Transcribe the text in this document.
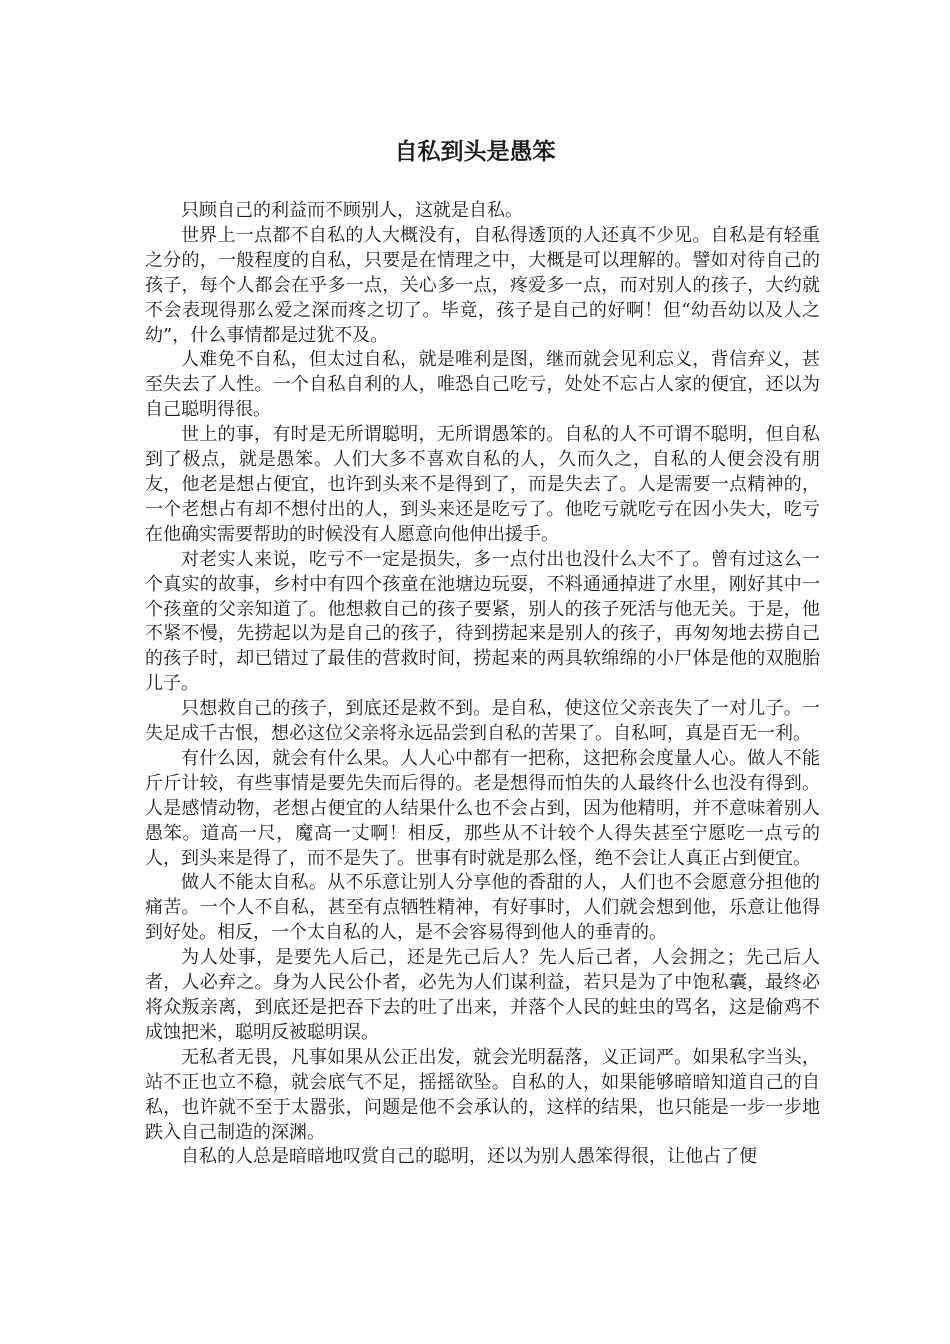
自私到头是愚笨

只顾自己的利益而不顾别人，这就是自私。

世界上一点都不自私的人大概没有，自私得透顶的人还真不少见。自私是有轻重之分的，一般程度的自私，只要是在情理之中，大概是可以理解的。譬如对待自己的孩子，每个人都会在乎多一点，关心多一点，疼爱多一点，而对别人的孩子，大约就不会表现得那么爱之深而疼之切了。毕竟，孩子是自己的好啊！但“幼吾幼以及人之幼”，什么事情都是过犹不及。

人难免不自私，但太过自私，就是唯利是图，继而就会见利忘义，背信弃义，甚至失去了人性。一个自私自利的人，唯恐自己吃亏，处处不忘占人家的便宜，还以为自己聪明得很。

世上的事，有时是无所谓聪明，无所谓愚笨的。自私的人不可谓不聪明，但自私到了极点，就是愚笨。人们大多不喜欢自私的人，久而久之，自私的人便会没有朋友，他老是想占便宜，也许到头来不是得到了，而是失去了。人是需要一点精神的，一个老想占有却不想付出的人，到头来还是吃亏了。他吃亏就吃亏在因小失大，吃亏在他确实需要帮助的时候没有人愿意向他伸出援手。

对老实人来说，吃亏不一定是损失，多一点付出也没什么大不了。曾有过这么一个真实的故事，乡村中有四个孩童在池塘边玩耍，不料通通掉进了水里，刚好其中一个孩童的父亲知道了。他想救自己的孩子要紧，别人的孩子死活与他无关。于是，他不紧不慢，先捞起以为是自己的孩子，待到捞起来是别人的孩子，再匆匆地去捞自己的孩子时，却已错过了最佳的营救时间，捞起来的两具软绵绵的小尸体是他的双胞胎儿子。

只想救自己的孩子，到底还是救不到。是自私，使这位父亲丧失了一对儿子。一失足成千古恨，想必这位父亲将永远品尝到自私的苦果了。自私呵，真是百无一利。

有什么因，就会有什么果。人人心中都有一把称，这把称会度量人心。做人不能斤斤计较，有些事情是要先失而后得的。老是想得而怕失的人最终什么也没有得到。人是感情动物，老想占便宜的人结果什么也不会占到，因为他精明，并不意味着别人愚笨。道高一尺，魔高一丈啊！相反，那些从不计较个人得失甚至宁愿吃一点亏的人，到头来是得了，而不是失了。世事有时就是那么怪，绝不会让人真正占到便宜。

做人不能太自私。从不乐意让别人分享他的香甜的人，人们也不会愿意分担他的痛苦。一个人不自私，甚至有点牺牲精神，有好事时，人们就会想到他，乐意让他得到好处。相反，一个太自私的人，是不会容易得到他人的垂青的。

为人处事，是要先人后己，还是先己后人？先人后己者，人会拥之；先己后人者，人必弃之。身为人民公仆者，必先为人们谋利益，若只是为了中饱私囊，最终必将众叛亲离，到底还是把吞下去的吐了出来，并落个人民的蛀虫的骂名，这是偷鸡不成蚀把米，聪明反被聪明误。

无私者无畏，凡事如果从公正出发，就会光明磊落，义正词严。如果私字当头，站不正也立不稳，就会底气不足，摇摇欲坠。自私的人，如果能够暗暗知道自己的自私，也许就不至于太嚣张，问题是他不会承认的，这样的结果，也只能是一步一步地跌入自己制造的深渊。

自私的人总是暗暗地叹赏自己的聪明，还以为别人愚笨得很，让他占了便
